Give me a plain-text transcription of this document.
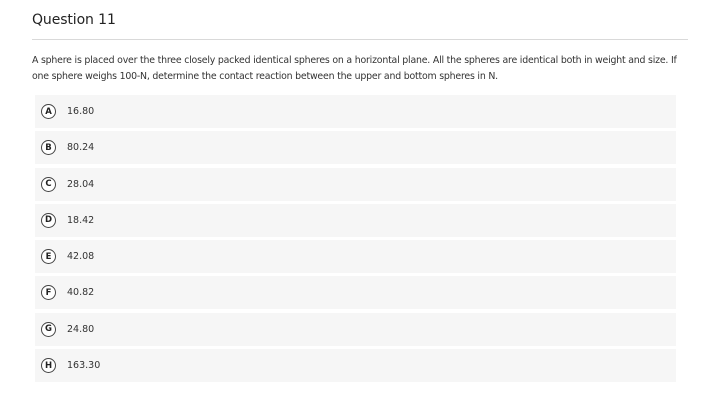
Question 11
A sphere is placed over the three closely packed identical spheres on a horizontal plane. All the spheres are identical both in weight and size. If one sphere weighs 100-N, determine the contact reaction between the upper and bottom spheres in N.
A	16.80
B	80.24
C	28.04
D	18.42
E	42.08
F	40.82
G	24.80
H	163.30
